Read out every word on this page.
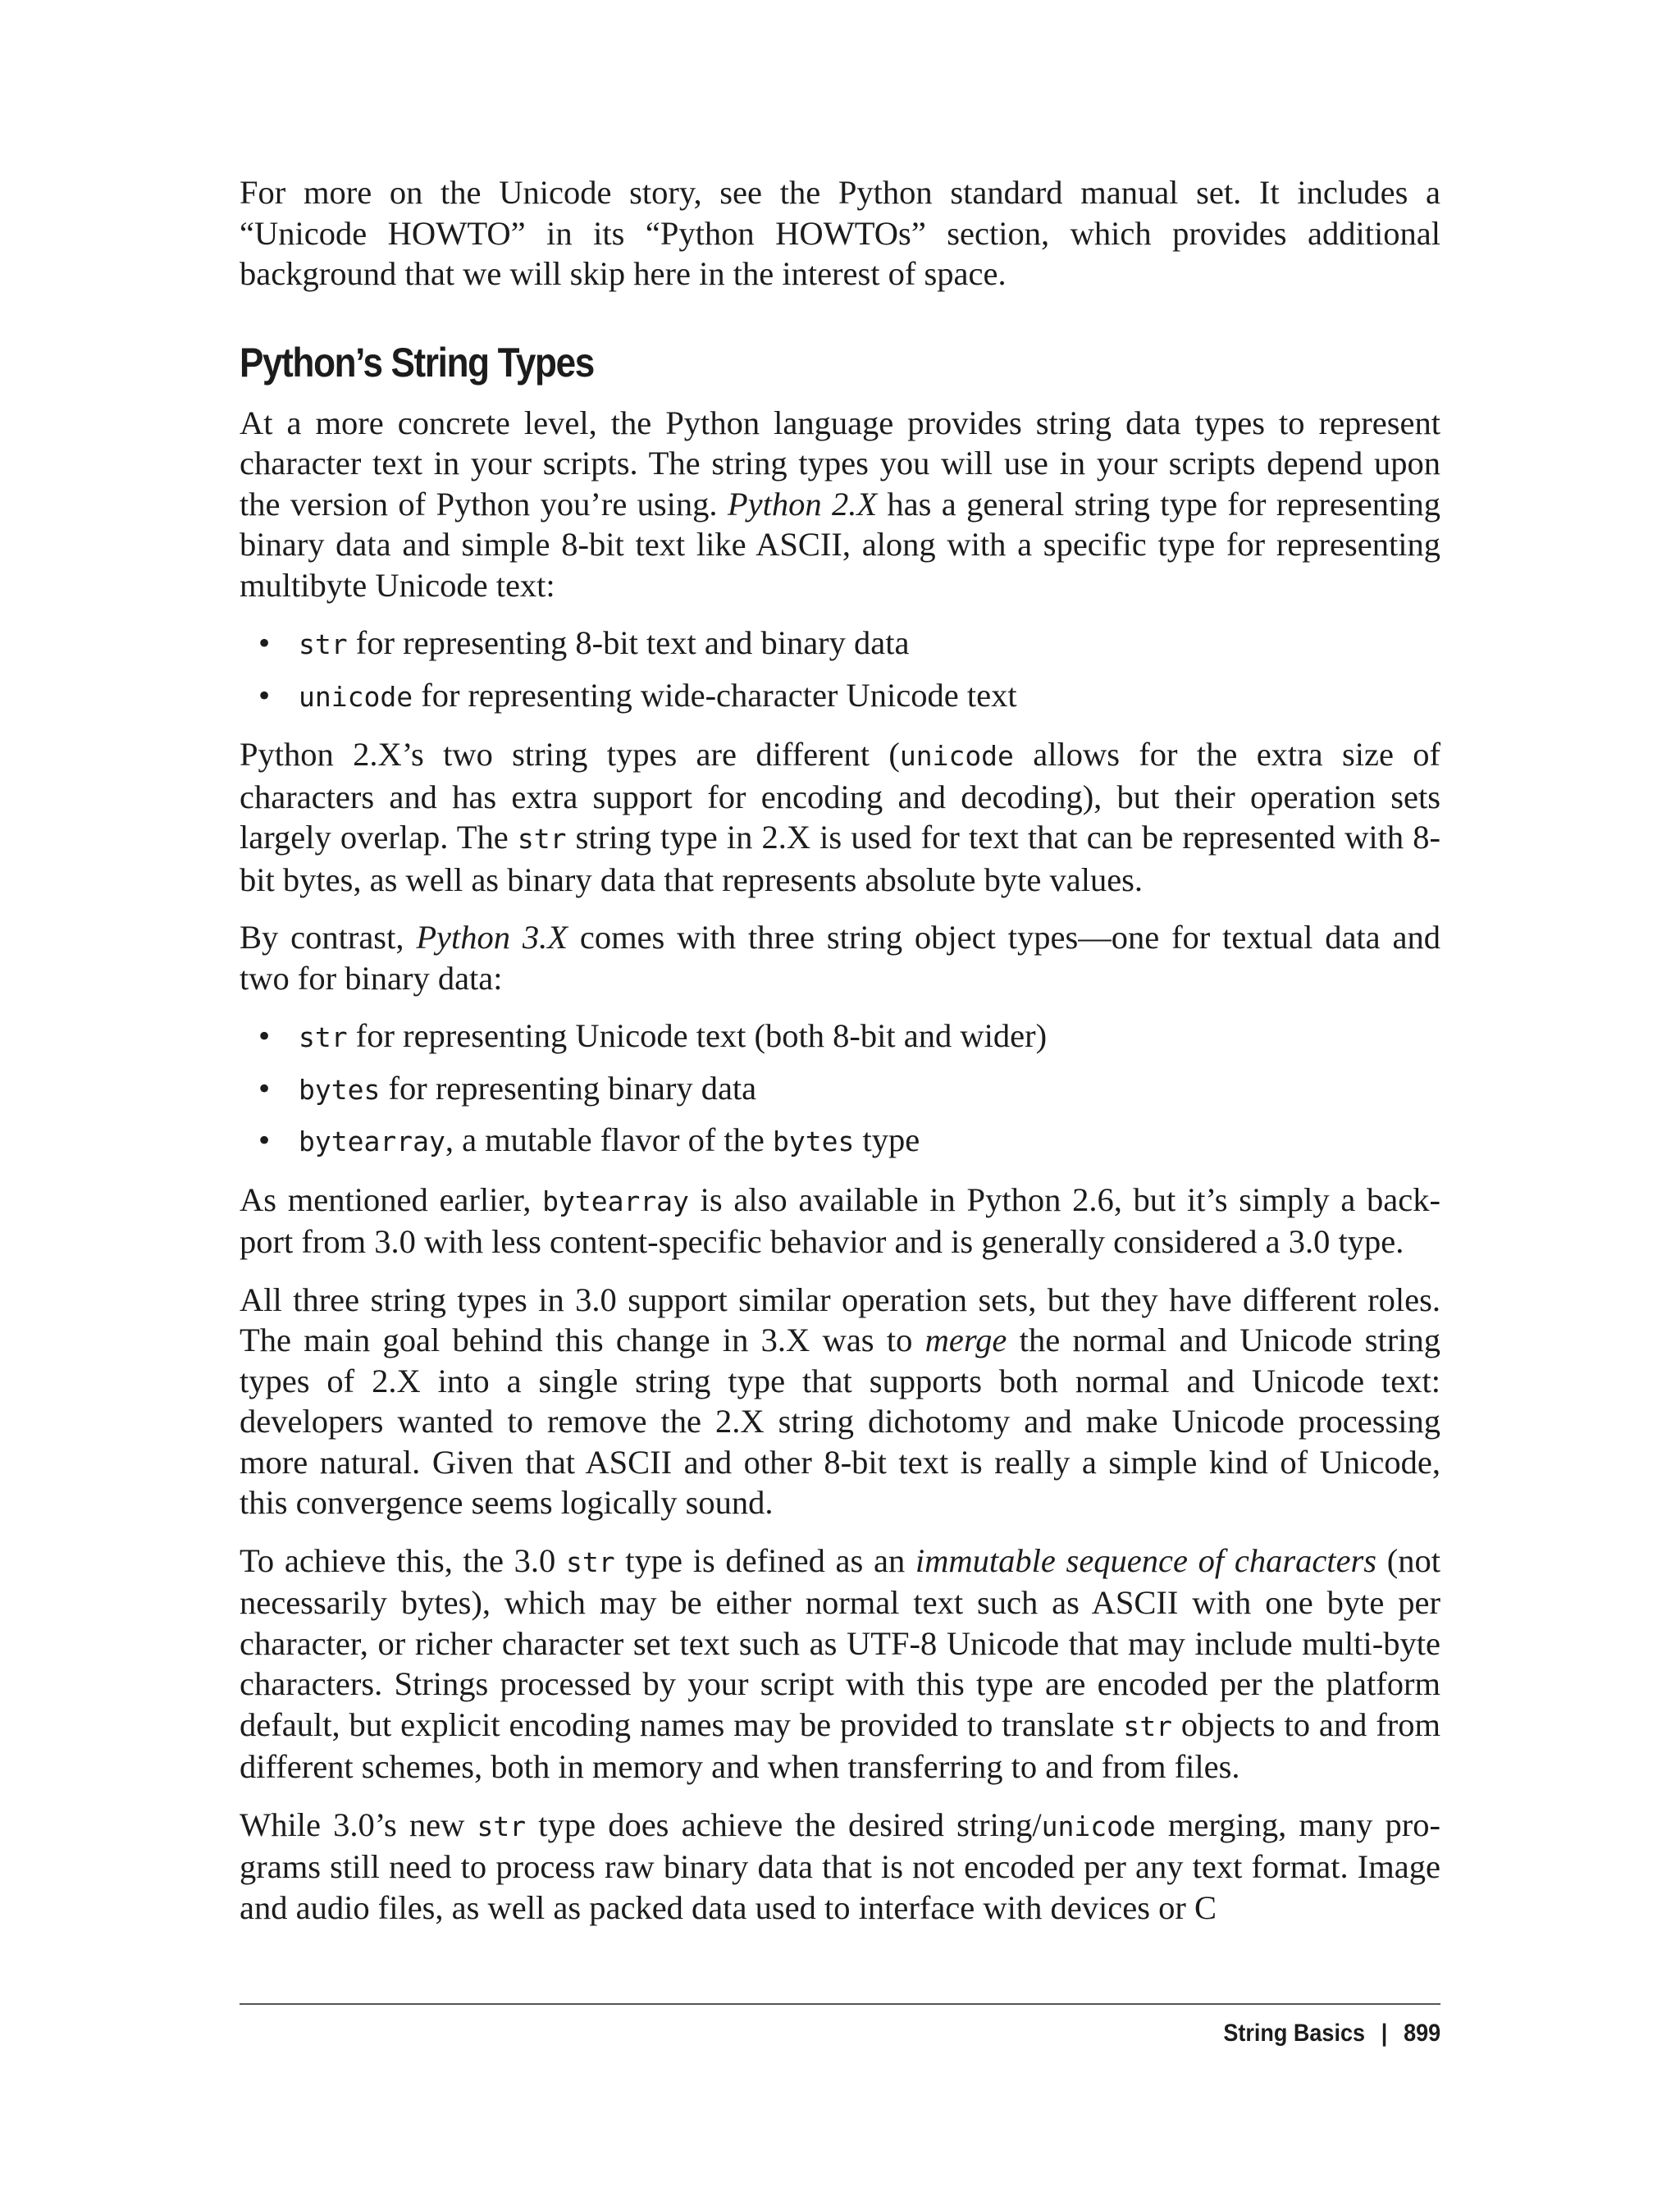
For more on the Unicode story, see the Python standard manual set. It includes a “Unicode HOWTO” in its “Python HOWTOs” section, which provides additional background that we will skip here in the interest of space.

Python’s String Types

At a more concrete level, the Python language provides string data types to represent character text in your scripts. The string types you will use in your scripts depend upon the version of Python you’re using. Python 2.X has a general string type for representing binary data and simple 8-bit text like ASCII, along with a specific type for representing multibyte Unicode text:

• str for representing 8-bit text and binary data
• unicode for representing wide-character Unicode text

Python 2.X’s two string types are different (unicode allows for the extra size of characters and has extra support for encoding and decoding), but their operation sets largely overlap. The str string type in 2.X is used for text that can be represented with 8-bit bytes, as well as binary data that represents absolute byte values.

By contrast, Python 3.X comes with three string object types—one for textual data and two for binary data:

• str for representing Unicode text (both 8-bit and wider)
• bytes for representing binary data
• bytearray, a mutable flavor of the bytes type

As mentioned earlier, bytearray is also available in Python 2.6, but it’s simply a back-port from 3.0 with less content-specific behavior and is generally considered a 3.0 type.

All three string types in 3.0 support similar operation sets, but they have different roles. The main goal behind this change in 3.X was to merge the normal and Unicode string types of 2.X into a single string type that supports both normal and Unicode text: developers wanted to remove the 2.X string dichotomy and make Unicode processing more natural. Given that ASCII and other 8-bit text is really a simple kind of Unicode, this convergence seems logically sound.

To achieve this, the 3.0 str type is defined as an immutable sequence of characters (not necessarily bytes), which may be either normal text such as ASCII with one byte per character, or richer character set text such as UTF-8 Unicode that may include multi-byte characters. Strings processed by your script with this type are encoded per the platform default, but explicit encoding names may be provided to translate str objects to and from different schemes, both in memory and when transferring to and from files.

While 3.0’s new str type does achieve the desired string/unicode merging, many pro-grams still need to process raw binary data that is not encoded per any text format. Image and audio files, as well as packed data used to interface with devices or C

String Basics | 899
